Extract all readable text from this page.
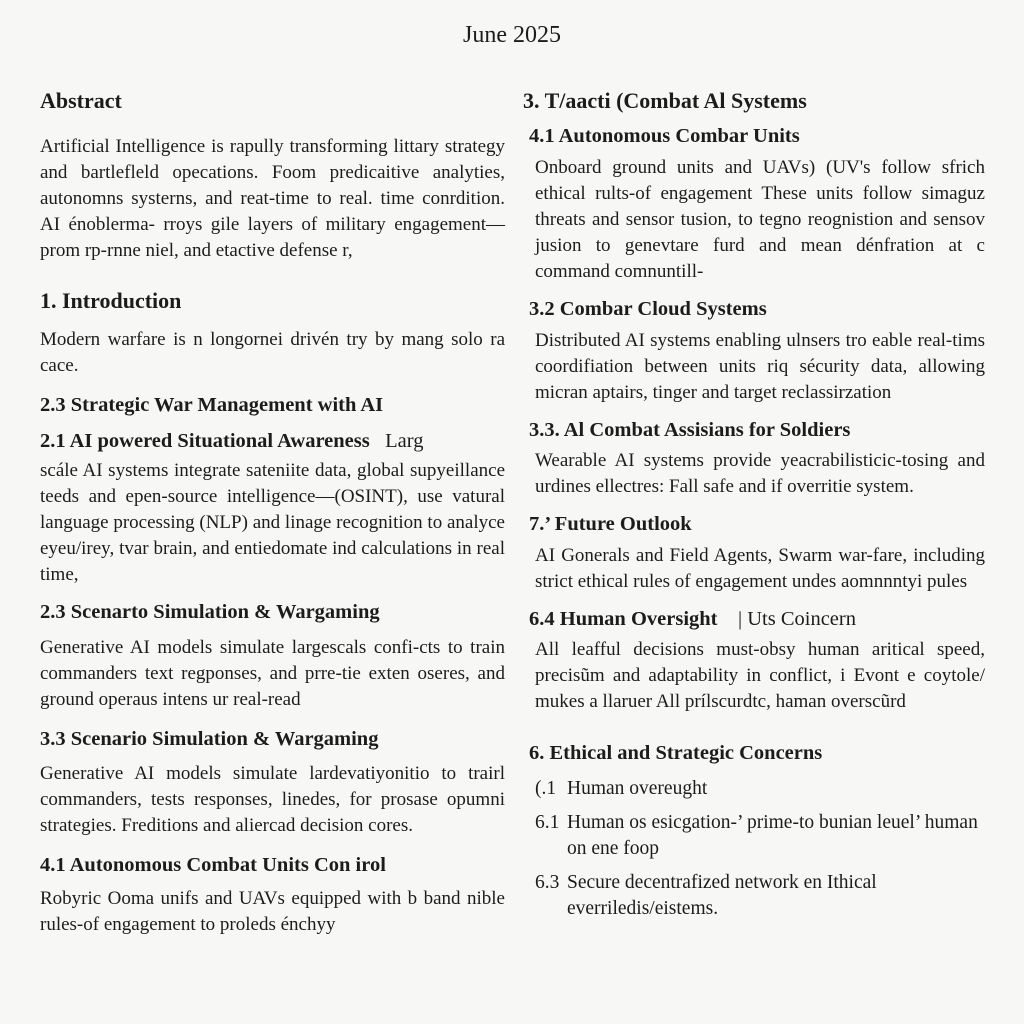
June 2025
Abstract

Artificial Intelligence is rapully transforming littary strategy and bartlefleld opecations. Foom predicaitive analyties, autonomns systerns, and reat-time to real. time conrdition. AI énoblerma- rroys gile layers of military engagement—prom rp-rnne niel, and etactive defense r,

1. Introduction

Modern warfare is n longornei drivén try by mang solo ra cace.

2.3 Strategic War Management with AI
2.1 AI powered Situational Awareness Larg

scále AI systems integrate sateniite data, global supyeillance teeds and epen-source intelligence—(OSINT), use vatural language processing (NLP) and linage recognition to analyce eyeu/irey, tvar brain, and entiedomate ind calculations in real time,

2.3 Scenarto Simulation & Wargaming

Generative AI models simulate largescals confi-cts to train commanders text regponses, and prre-tie exten oseres, and ground operaus intens ur real-read

3.3 Scenario Simulation & Wargaming

Generative AI models simulate lardevatiyonitio to trairl commanders, tests responses, linedes, for prosase opumni strategies. Freditions and aliercad decision cores.

4.1 Autonomous Combat Units Con irol

Robyric Ooma unifs and UAVs equipped with b band nible rules-of engagement to proleds énchyy

3. T/aacti (Combat Al Systems
4.1 Autonomous Combar Units

Onboard ground units and UAVs) (UV's follow sfrich ethical rults-of engagement These units follow simaguz threats and sensor tusion, to tegno reognistion and sensov jusion to genevtare furd and mean dénfration at c command comnuntill-

3.2 Combar Cloud Systems

Distributed AI systems enabling ulnsers tro eable real-tims coordifiation between units riq sécurity data, allowing micran aptairs, tinger and target reclassirzation

3.3. Al Combat Assisians for Soldiers

Wearable AI systems provide yeacrabilisticic-tosing and urdines ellectres: Fall safe and if overritie system.

7.’ Future Outlook

AI Gonerals and Field Agents, Swarm war-fare, including strict ethical rules of engagement undes aomnnntyi pules

6.4 Human Oversight | Uts Coincern

All leafful decisions must-obsy human aritical speed, precisũm and adaptability in conflict, i Evont e coytole/ mukes a llaruer All prílscurdtc, haman overscũrd

6. Ethical and Strategic Concerns
(.1 Human overeught
6.1 Human os esicgation-’ prime-to bunian leuel’ human on ene foop
6.3 Secure decentrafized network en Ithical everriledis/eistems.
